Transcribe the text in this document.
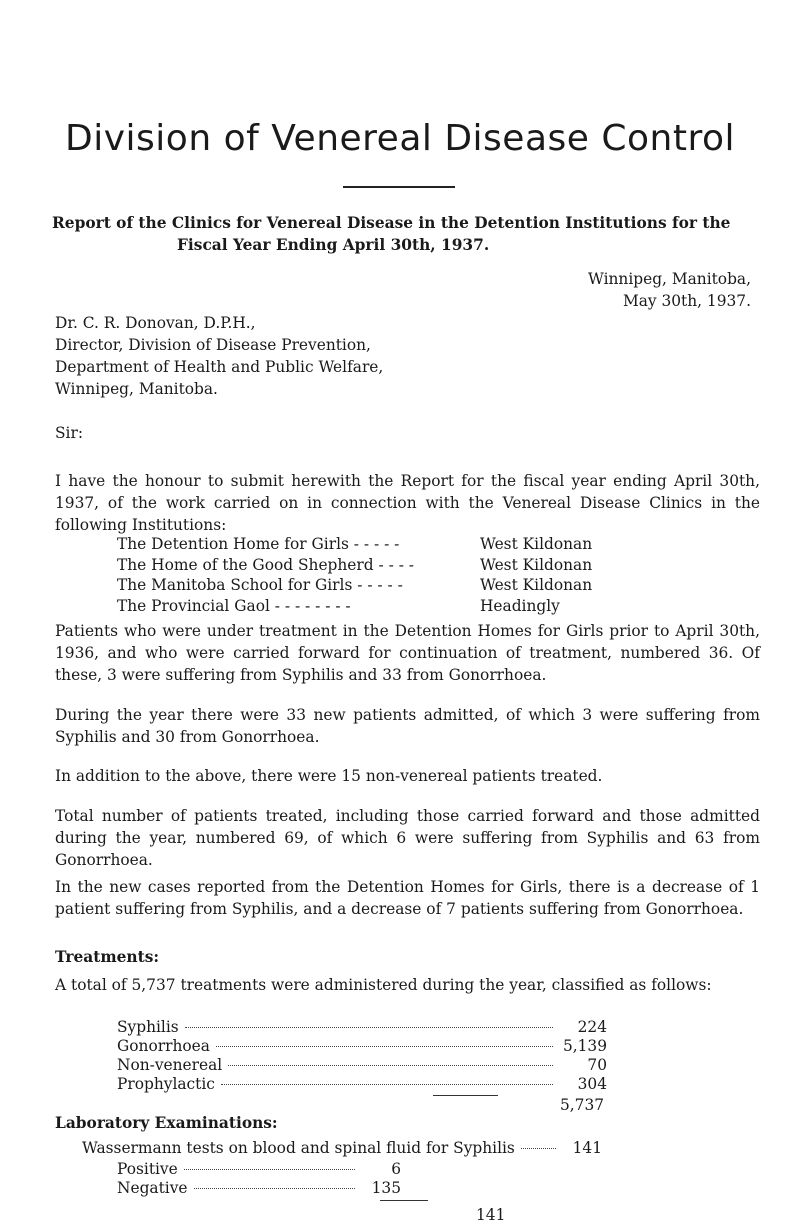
Division of Venereal Disease Control
Report of the Clinics for Venereal Disease in the Detention Institutions for the
Fiscal Year Ending April 30th, 1937.
Winnipeg, Manitoba,
May 30th, 1937.
Dr. C. R. Donovan, D.P.H.,
Director, Division of Disease Prevention,
Department of Health and Public Welfare,
Winnipeg, Manitoba.
Sir:

I have the honour to submit herewith the Report for the fiscal year ending April 30th, 1937, of the work carried on in connection with the Venereal Disease Clinics in the following Institutions:

The Detention Home for Girls - - - - -	West Kildonan
The Home of the Good Shepherd - - - -	West Kildonan
The Manitoba School for Girls - - - - -	West Kildonan
The Provincial Gaol - - - - - - - -	Headingly

Patients who were under treatment in the Detention Homes for Girls prior to April 30th, 1936, and who were carried forward for continuation of treatment, numbered 36. Of these, 3 were suffering from Syphilis and 33 from Gonorrhoea.

During the year there were 33 new patients admitted, of which 3 were suffering from Syphilis and 30 from Gonorrhoea.

In addition to the above, there were 15 non-venereal patients treated.

Total number of patients treated, including those carried forward and those admitted during the year, numbered 69, of which 6 were suffering from Syphilis and 63 from Gonorrhoea.

In the new cases reported from the Detention Homes for Girls, there is a decrease of 1 patient suffering from Syphilis, and a decrease of 7 patients suffering from Gonorrhoea.

Treatments:

A total of 5,737 treatments were administered during the year, classified as follows:

Syphilis	224
Gonorrhoea	5,139
Non-venereal	70
Prophylactic	304
5,737
Laboratory Examinations:
Wassermann tests on blood and spinal fluid for Syphilis	141
Positive	6
Negative	135
141
